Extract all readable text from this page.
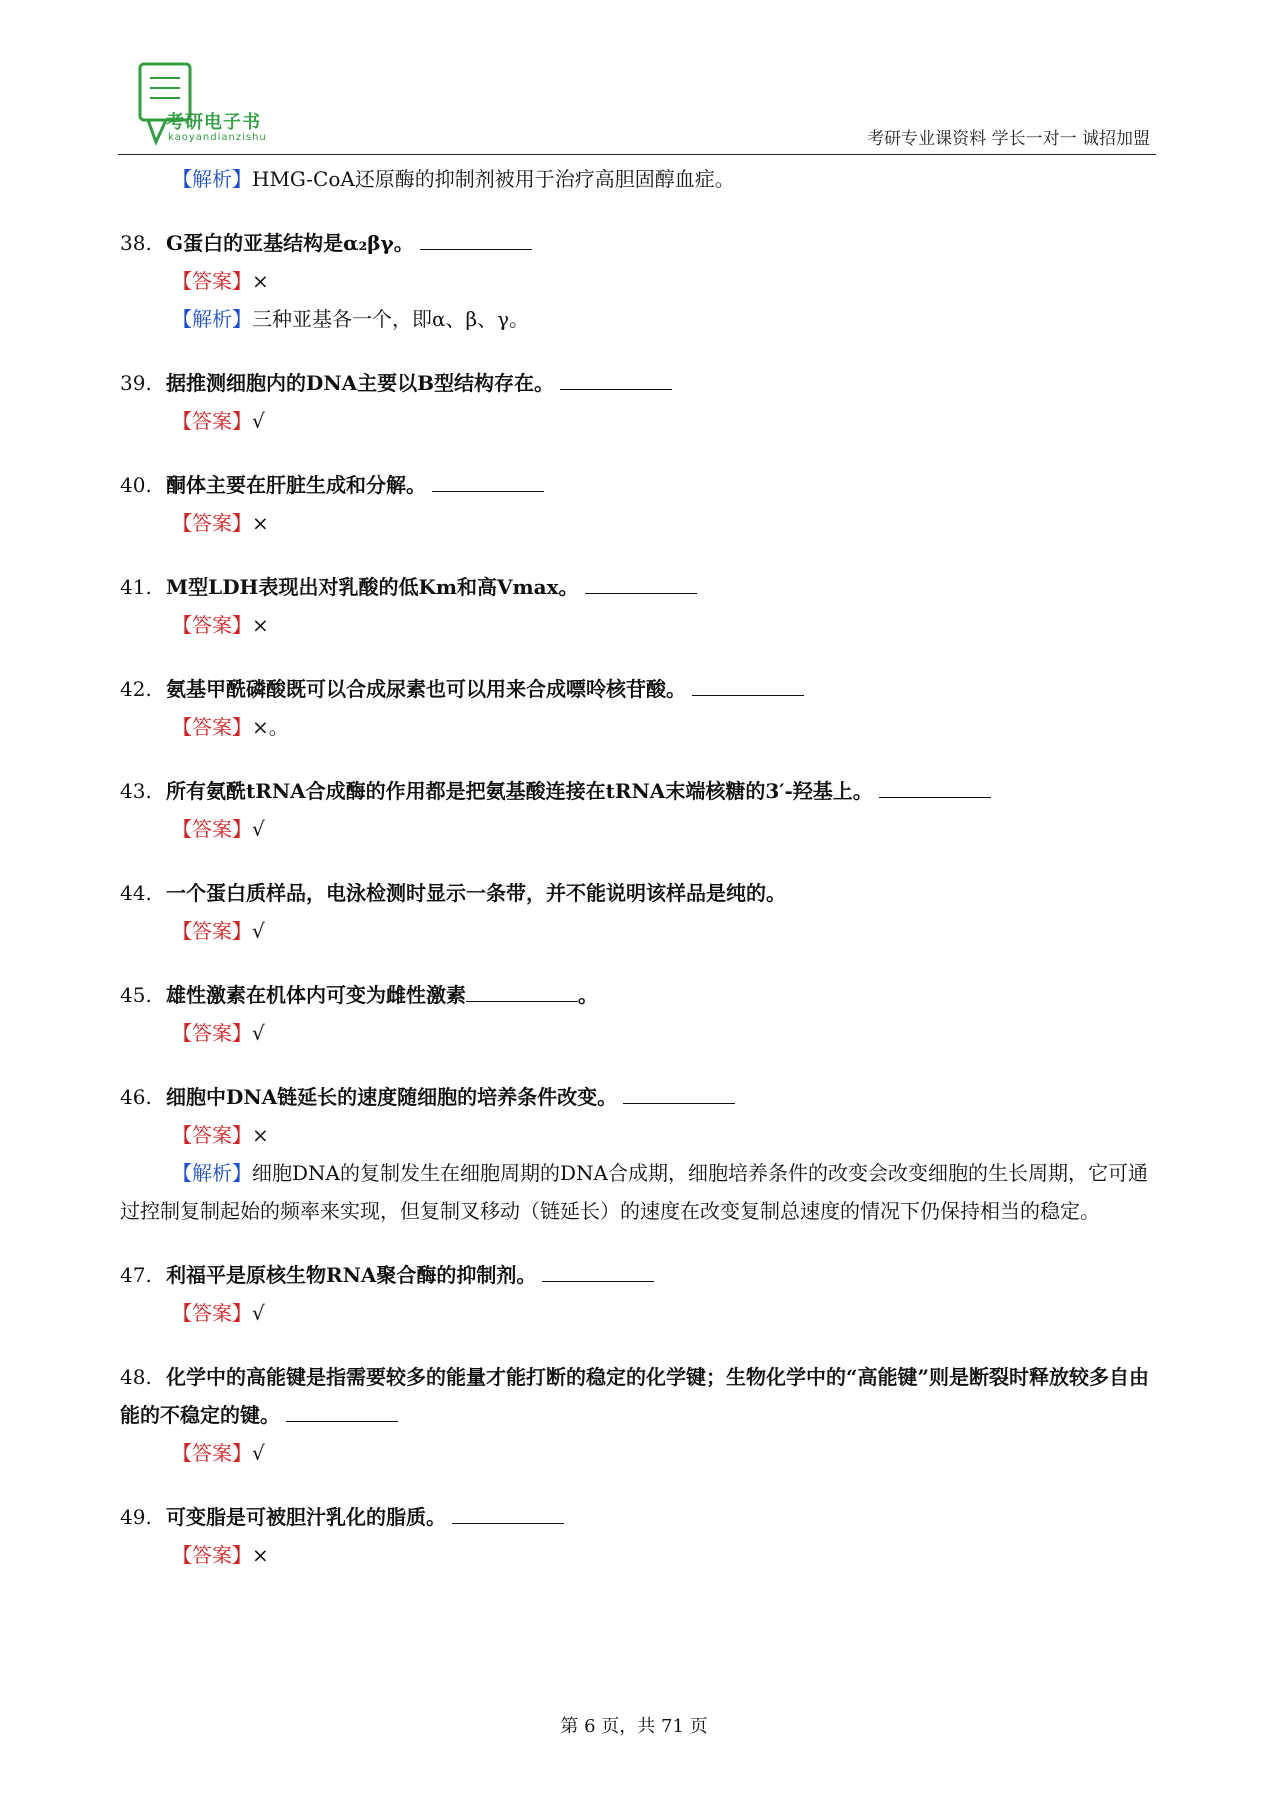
考研电子书
kaoyandianzishu	考研专业课资料 学长一对一 诚招加盟
【解析】HMG-CoA还原酶的抑制剂被用于治疗高胆固醇血症。
38. G蛋白的亚基结构是α₂βγ。
【答案】×
【解析】三种亚基各一个，即α、β、γ。
39. 据推测细胞内的DNA主要以B型结构存在。
【答案】√
40. 酮体主要在肝脏生成和分解。
【答案】×
41. M型LDH表现出对乳酸的低Km和高Vmax。
【答案】×
42. 氨基甲酰磷酸既可以合成尿素也可以用来合成嘌呤核苷酸。
【答案】×。
43. 所有氨酰tRNA合成酶的作用都是把氨基酸连接在tRNA末端核糖的3′-羟基上。
【答案】√
44. 一个蛋白质样品，电泳检测时显示一条带，并不能说明该样品是纯的。
【答案】√
45. 雄性激素在机体内可变为雌性激素	。
【答案】√
46. 细胞中DNA链延长的速度随细胞的培养条件改变。
【答案】×
【解析】细胞DNA的复制发生在细胞周期的DNA合成期，细胞培养条件的改变会改变细胞的生长周期，它可通过控制复制起始的频率来实现，但复制叉移动（链延长）的速度在改变复制总速度的情况下仍保持相当的稳定。
47. 利福平是原核生物RNA聚合酶的抑制剂。
【答案】√
48. 化学中的高能键是指需要较多的能量才能打断的稳定的化学键；生物化学中的“高能键”则是断裂时释放较多自由能的不稳定的键。
【答案】√
49. 可变脂是可被胆汁乳化的脂质。
【答案】×
第 6 页，共 71 页
